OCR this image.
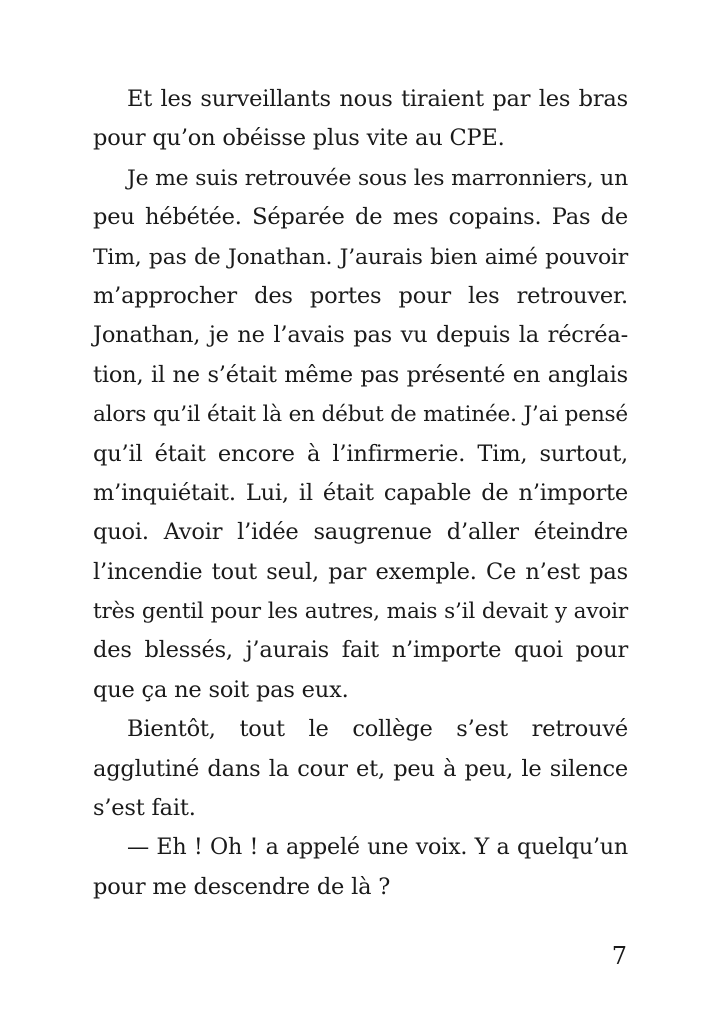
Et les surveillants nous tiraient par les bras
pour qu’on obéisse plus vite au CPE.
Je me suis retrouvée sous les marronniers, un
peu hébétée. Séparée de mes copains. Pas de
Tim, pas de Jonathan. J’aurais bien aimé pouvoir
m’approcher des portes pour les retrouver.
Jonathan, je ne l’avais pas vu depuis la récréa-
tion, il ne s’était même pas présenté en anglais
alors qu’il était là en début de matinée. J’ai pensé
qu’il était encore à l’infirmerie. Tim, surtout,
m’inquiétait. Lui, il était capable de n’importe
quoi. Avoir l’idée saugrenue d’aller éteindre
l’incendie tout seul, par exemple. Ce n’est pas
très gentil pour les autres, mais s’il devait y avoir
des blessés, j’aurais fait n’importe quoi pour
que ça ne soit pas eux.
Bientôt, tout le collège s’est retrouvé
agglutiné dans la cour et, peu à peu, le silence
s’est fait.
— Eh ! Oh ! a appelé une voix. Y a quelqu’un
pour me descendre de là ?
7
